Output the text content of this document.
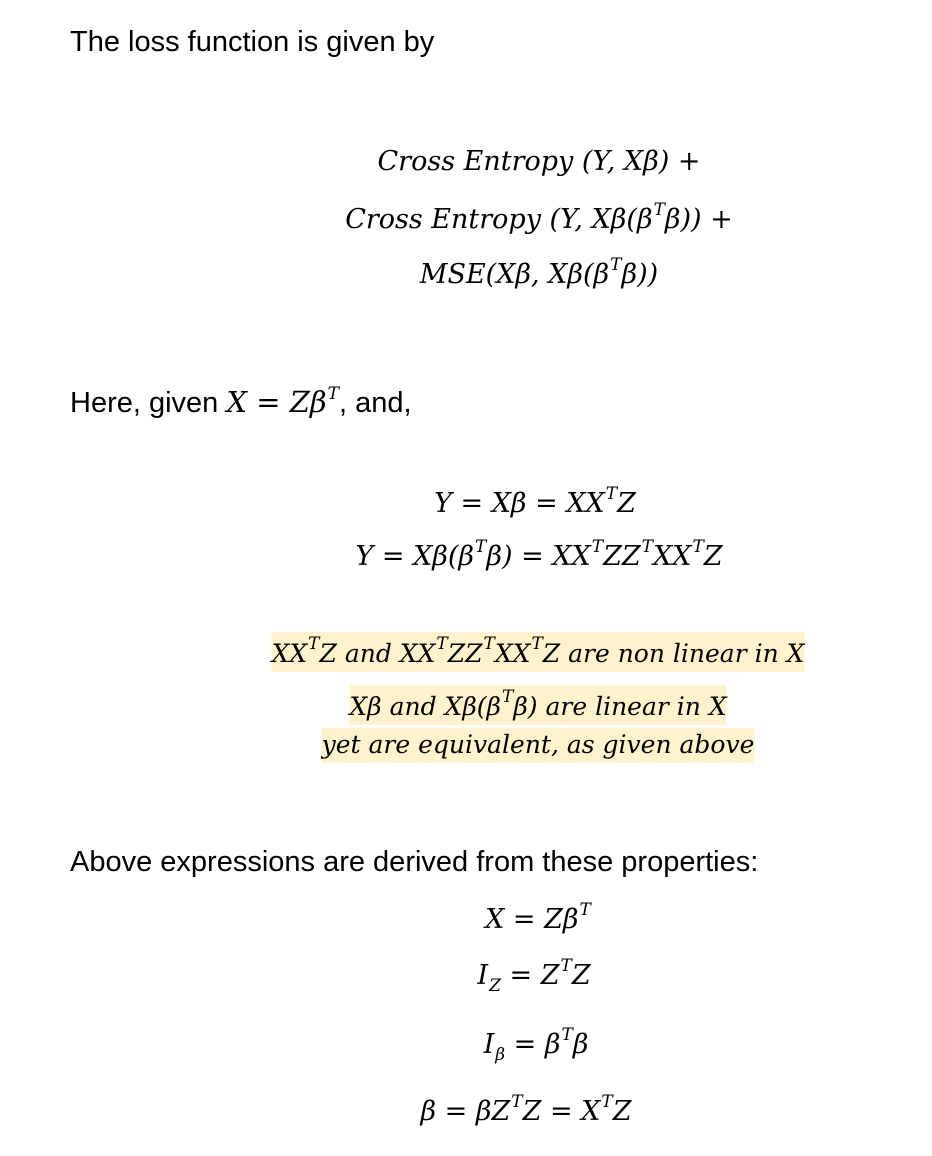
The loss function is given by
Cross Entropy (Y, Xβ) +
Cross Entropy (Y, $X\beta(\beta^T\beta)$) +
MSE(Xβ, $X\beta(\beta^T\beta)$)
Here, given $X = Z\beta^T$, and,
$Y = X\beta = XX^TZ$
$Y = X\beta(\beta^T\beta) = XX^TZZ^TXX^TZ$
$XX^TZ$ and $XX^TZZ^TXX^TZ$ are non linear in X
Xβ and $X\beta(\beta^T\beta)$ are linear in X
yet are equivalent, as given above
Above expressions are derived from these properties:
$X = Z\beta^T$
$I_Z = Z^TZ$
$I_\beta = \beta^T\beta$
$\beta = \beta Z^TZ = X^TZ$
